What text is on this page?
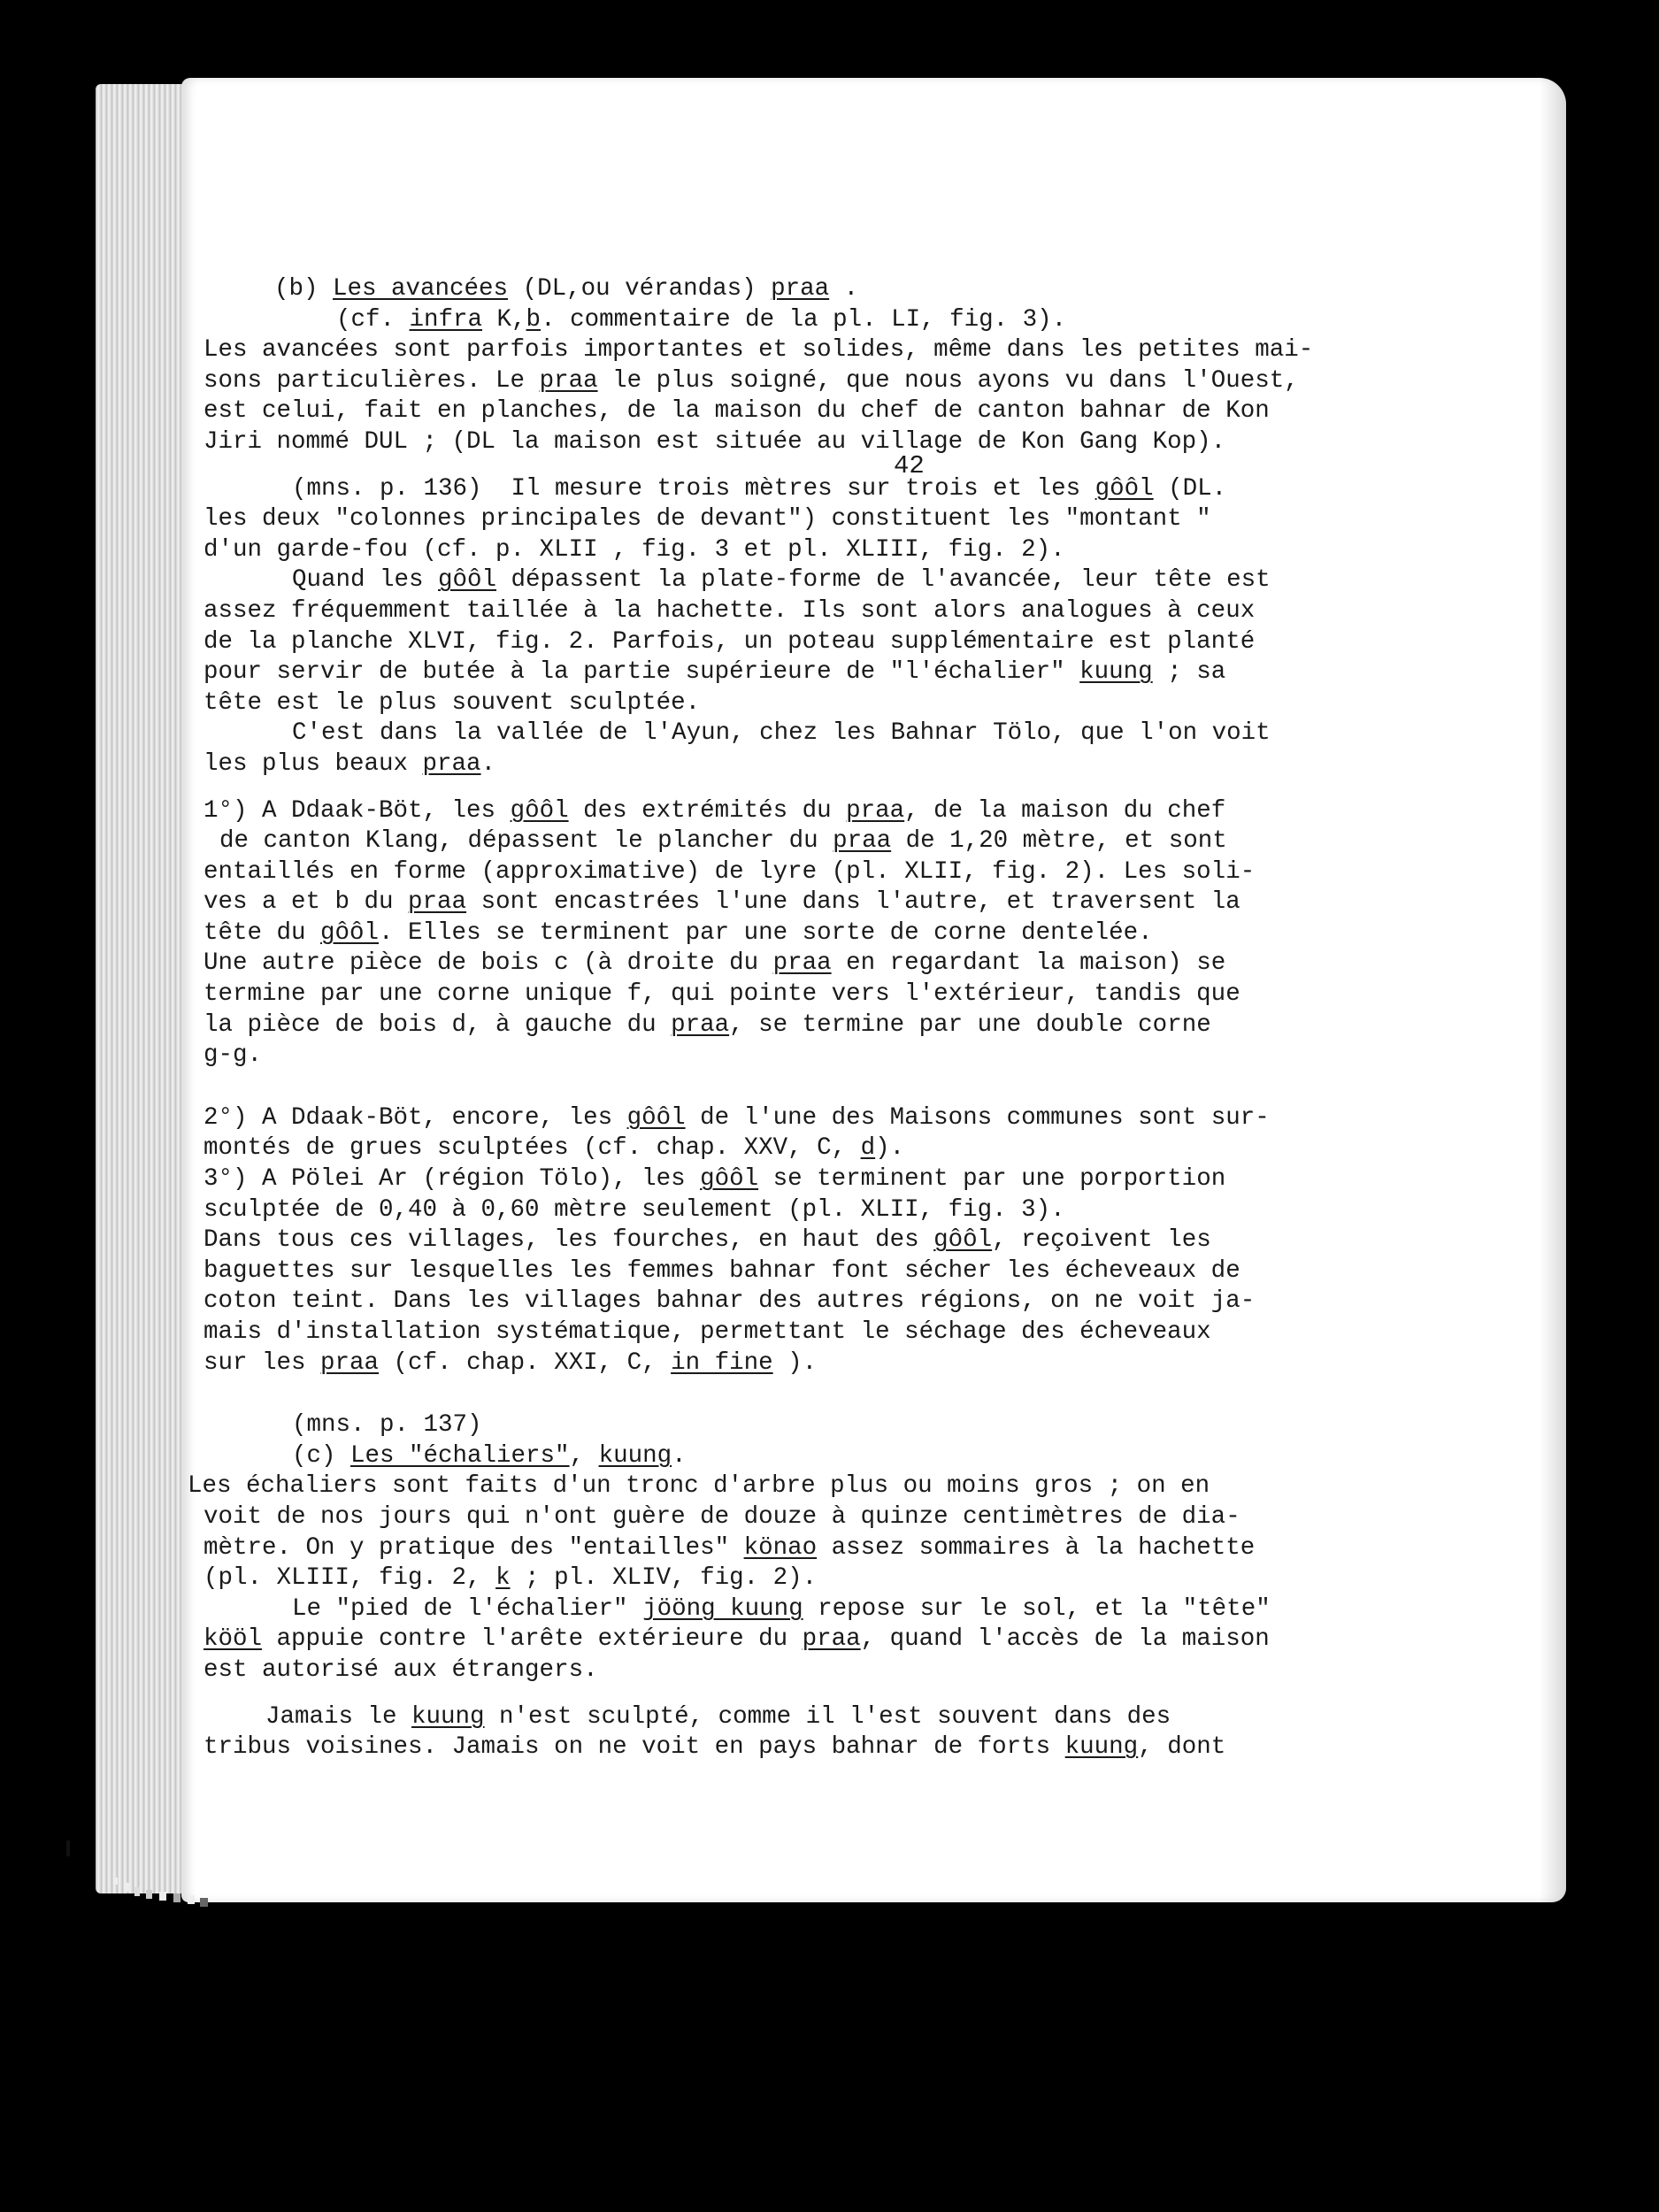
42
(b) Les avancées (DL,ou vérandas) praa .
(cf. infra K,b. commentaire de la pl. LI, fig. 3).
Les avancées sont parfois importantes et solides, même dans les petites mai-
sons particulières. Le praa le plus soigné, que nous ayons vu dans l'Ouest,
est celui, fait en planches, de la maison du chef de canton bahnar de Kon
Jiri nommé DUL ; (DL la maison est située au village de Kon Gang Kop).
(mns. p. 136)  Il mesure trois mètres sur trois et les gôôl (DL.
les deux "colonnes principales de devant") constituent les "montant "
d'un garde-fou (cf. p. XLII , fig. 3 et pl. XLIII, fig. 2).
Quand les gôôl dépassent la plate-forme de l'avancée, leur tête est
assez fréquemment taillée à la hachette. Ils sont alors analogues à ceux
de la planche XLVI, fig. 2. Parfois, un poteau supplémentaire est planté
pour servir de butée à la partie supérieure de "l'échalier" kuung ; sa
tête est le plus souvent sculptée.
C'est dans la vallée de l'Ayun, chez les Bahnar Tölo, que l'on voit
les plus beaux praa.
1°) A Ddaak-Böt, les gôôl des extrémités du praa, de la maison du chef
de canton Klang, dépassent le plancher du praa de 1,20 mètre, et sont
entaillés en forme (approximative) de lyre (pl. XLII, fig. 2). Les soli-
ves a et b du praa sont encastrées l'une dans l'autre, et traversent la
tête du gôôl. Elles se terminent par une sorte de corne dentelée.
Une autre pièce de bois c (à droite du praa en regardant la maison) se
termine par une corne unique f, qui pointe vers l'extérieur, tandis que
la pièce de bois d, à gauche du praa, se termine par une double corne
g-g.
2°) A Ddaak-Böt, encore, les gôôl de l'une des Maisons communes sont sur-
montés de grues sculptées (cf. chap. XXV, C, d).
3°) A Pölei Ar (région Tölo), les gôôl se terminent par une porportion
sculptée de 0,40 à 0,60 mètre seulement (pl. XLII, fig. 3).
Dans tous ces villages, les fourches, en haut des gôôl, reçoivent les
baguettes sur lesquelles les femmes bahnar font sécher les écheveaux de
coton teint. Dans les villages bahnar des autres régions, on ne voit ja-
mais d'installation systématique, permettant le séchage des écheveaux
sur les praa (cf. chap. XXI, C, in fine ).
(mns. p. 137)
(c) Les "échaliers", kuung.
Les échaliers sont faits d'un tronc d'arbre plus ou moins gros ; on en
voit de nos jours qui n'ont guère de douze à quinze centimètres de dia-
mètre. On y pratique des "entailles" könao assez sommaires à la hachette
(pl. XLIII, fig. 2, k ; pl. XLIV, fig. 2).
Le "pied de l'échalier" jööng kuung repose sur le sol, et la "tête"
kööl appuie contre l'arête extérieure du praa, quand l'accès de la maison
est autorisé aux étrangers.
Jamais le kuung n'est sculpté, comme il l'est souvent dans des
tribus voisines. Jamais on ne voit en pays bahnar de forts kuung, dont
